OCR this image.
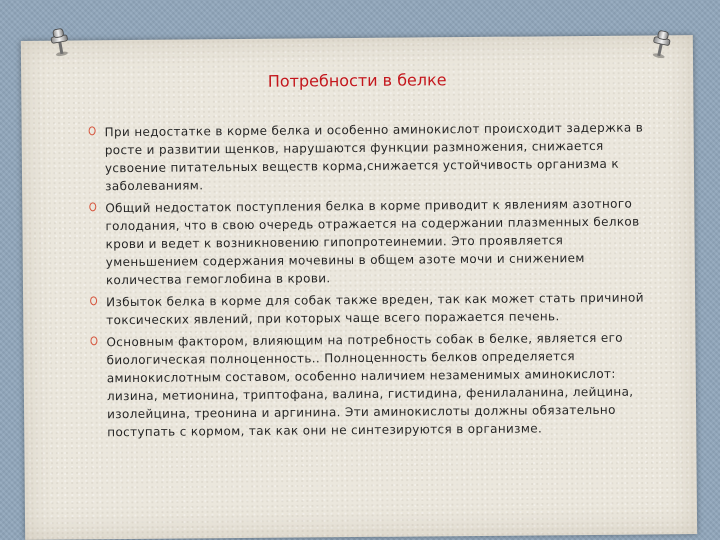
Потребности в белке
При недостатке в корме белка и особенно аминокислот происходит задержка в росте и развитии щенков, нарушаются функции размножения, снижается усвоение питательных веществ корма,снижается устойчивость организма к заболеваниям.
Общий недостаток поступления белка в корме приводит к явлениям азотного голодания, что в свою очередь отражается на содержании плазменных белков крови и ведет к возникновению гипопротеинемии. Это проявляется уменьшением содержания мочевины в общем азоте мочи и снижением количества гемоглобина в крови.
Избыток белка в корме для собак также вреден, так как может стать причиной токсических явлений, при которых чаще всего поражается печень.
Основным фактором, влияющим на потребность собак в белке, является его биологическая полноценность.. Полноценность белков определяется аминокислотным составом, особенно наличием незаменимых аминокислот: лизина, метионина, триптофана, валина, гистидина, фенилаланина, лейцина, изолейцина, треонина и аргинина. Эти аминокислоты должны обязательно поступать с кормом, так как они не синтезируются в организме.
